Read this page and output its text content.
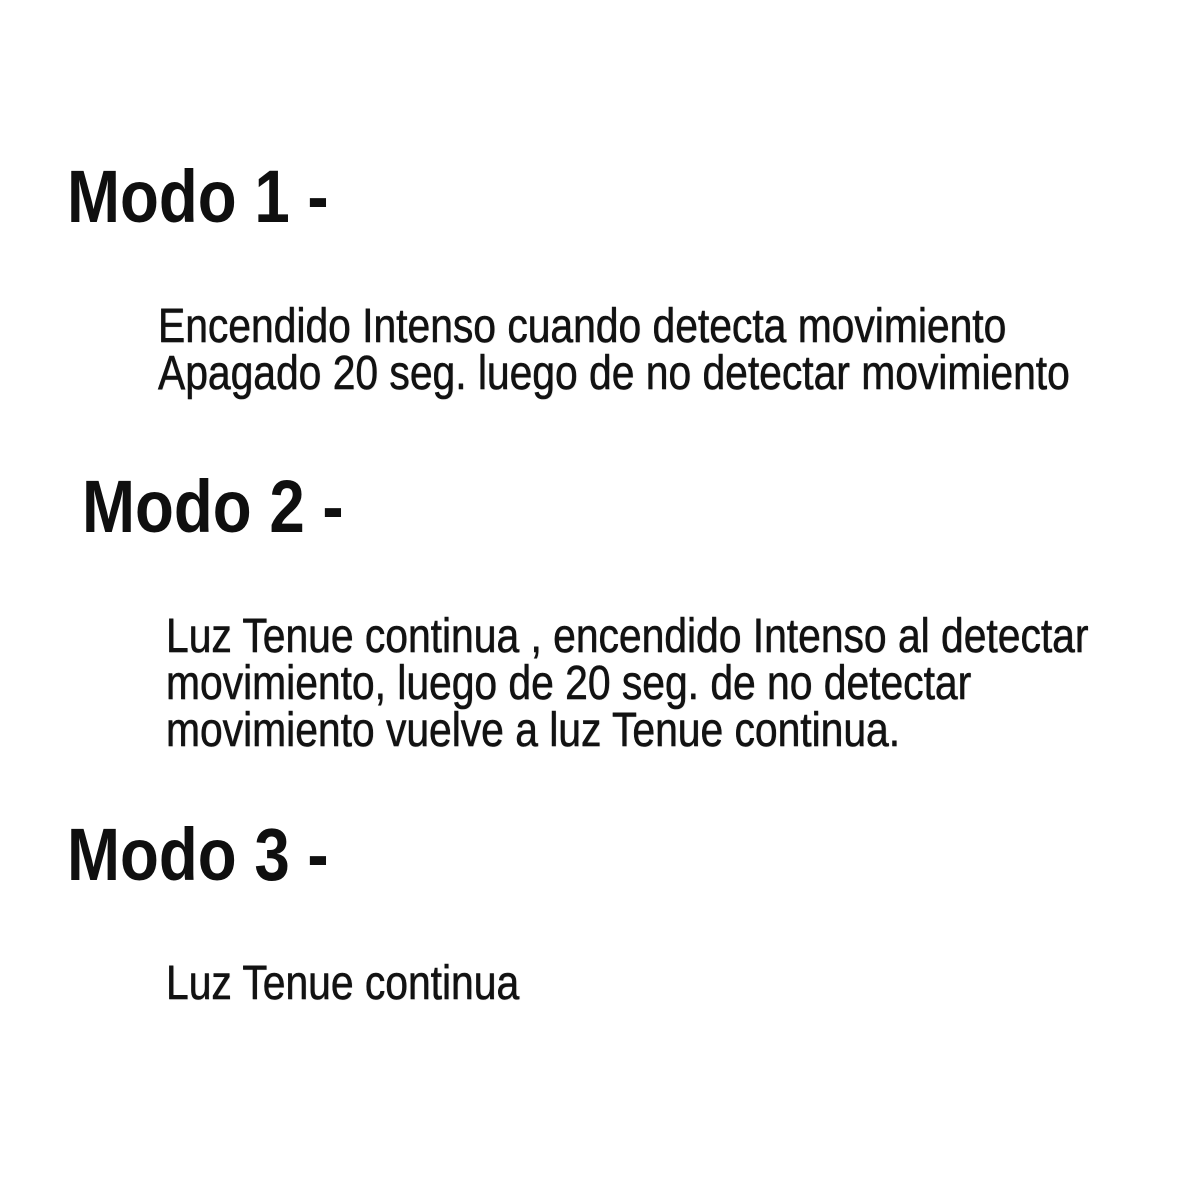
Modo 1 -
Encendido Intenso cuando detecta movimiento
Apagado 20 seg. luego de no detectar movimiento
Modo 2 -
Luz Tenue continua , encendido Intenso al detectar
movimiento, luego de 20 seg. de no detectar
movimiento vuelve a luz Tenue continua.
Modo 3 -
Luz Tenue continua
